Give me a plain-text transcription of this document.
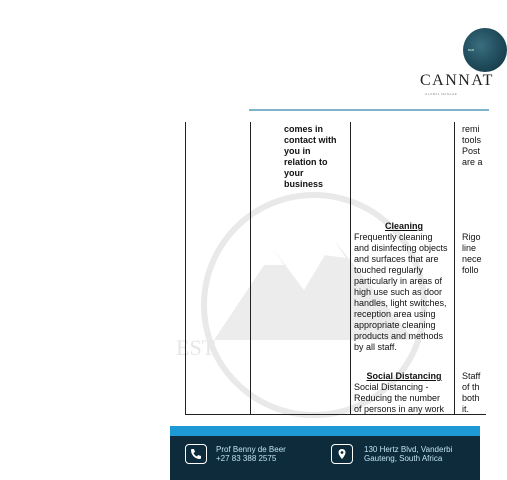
BAR
CANNAT
GLOBAL MANAGE
EST
comes in
contact with
you in
relation to
your
business
remi
tools
Post
are a
Cleaning
Frequently cleaning
and disinfecting objects
and surfaces that are
touched regularly
particularly in areas of
high use such as door
handles, light switches,
reception area using
appropriate cleaning
products and methods
by all staff.
Rigo
line
nece
follo
Social Distancing
Social Distancing -
Reducing the number
of persons in any work
Staff
of th
both
it.
Prof Benny de Beer
+27 83 388 2575
130 Hertz Blvd, Vanderbi
Gauteng, South Africa
